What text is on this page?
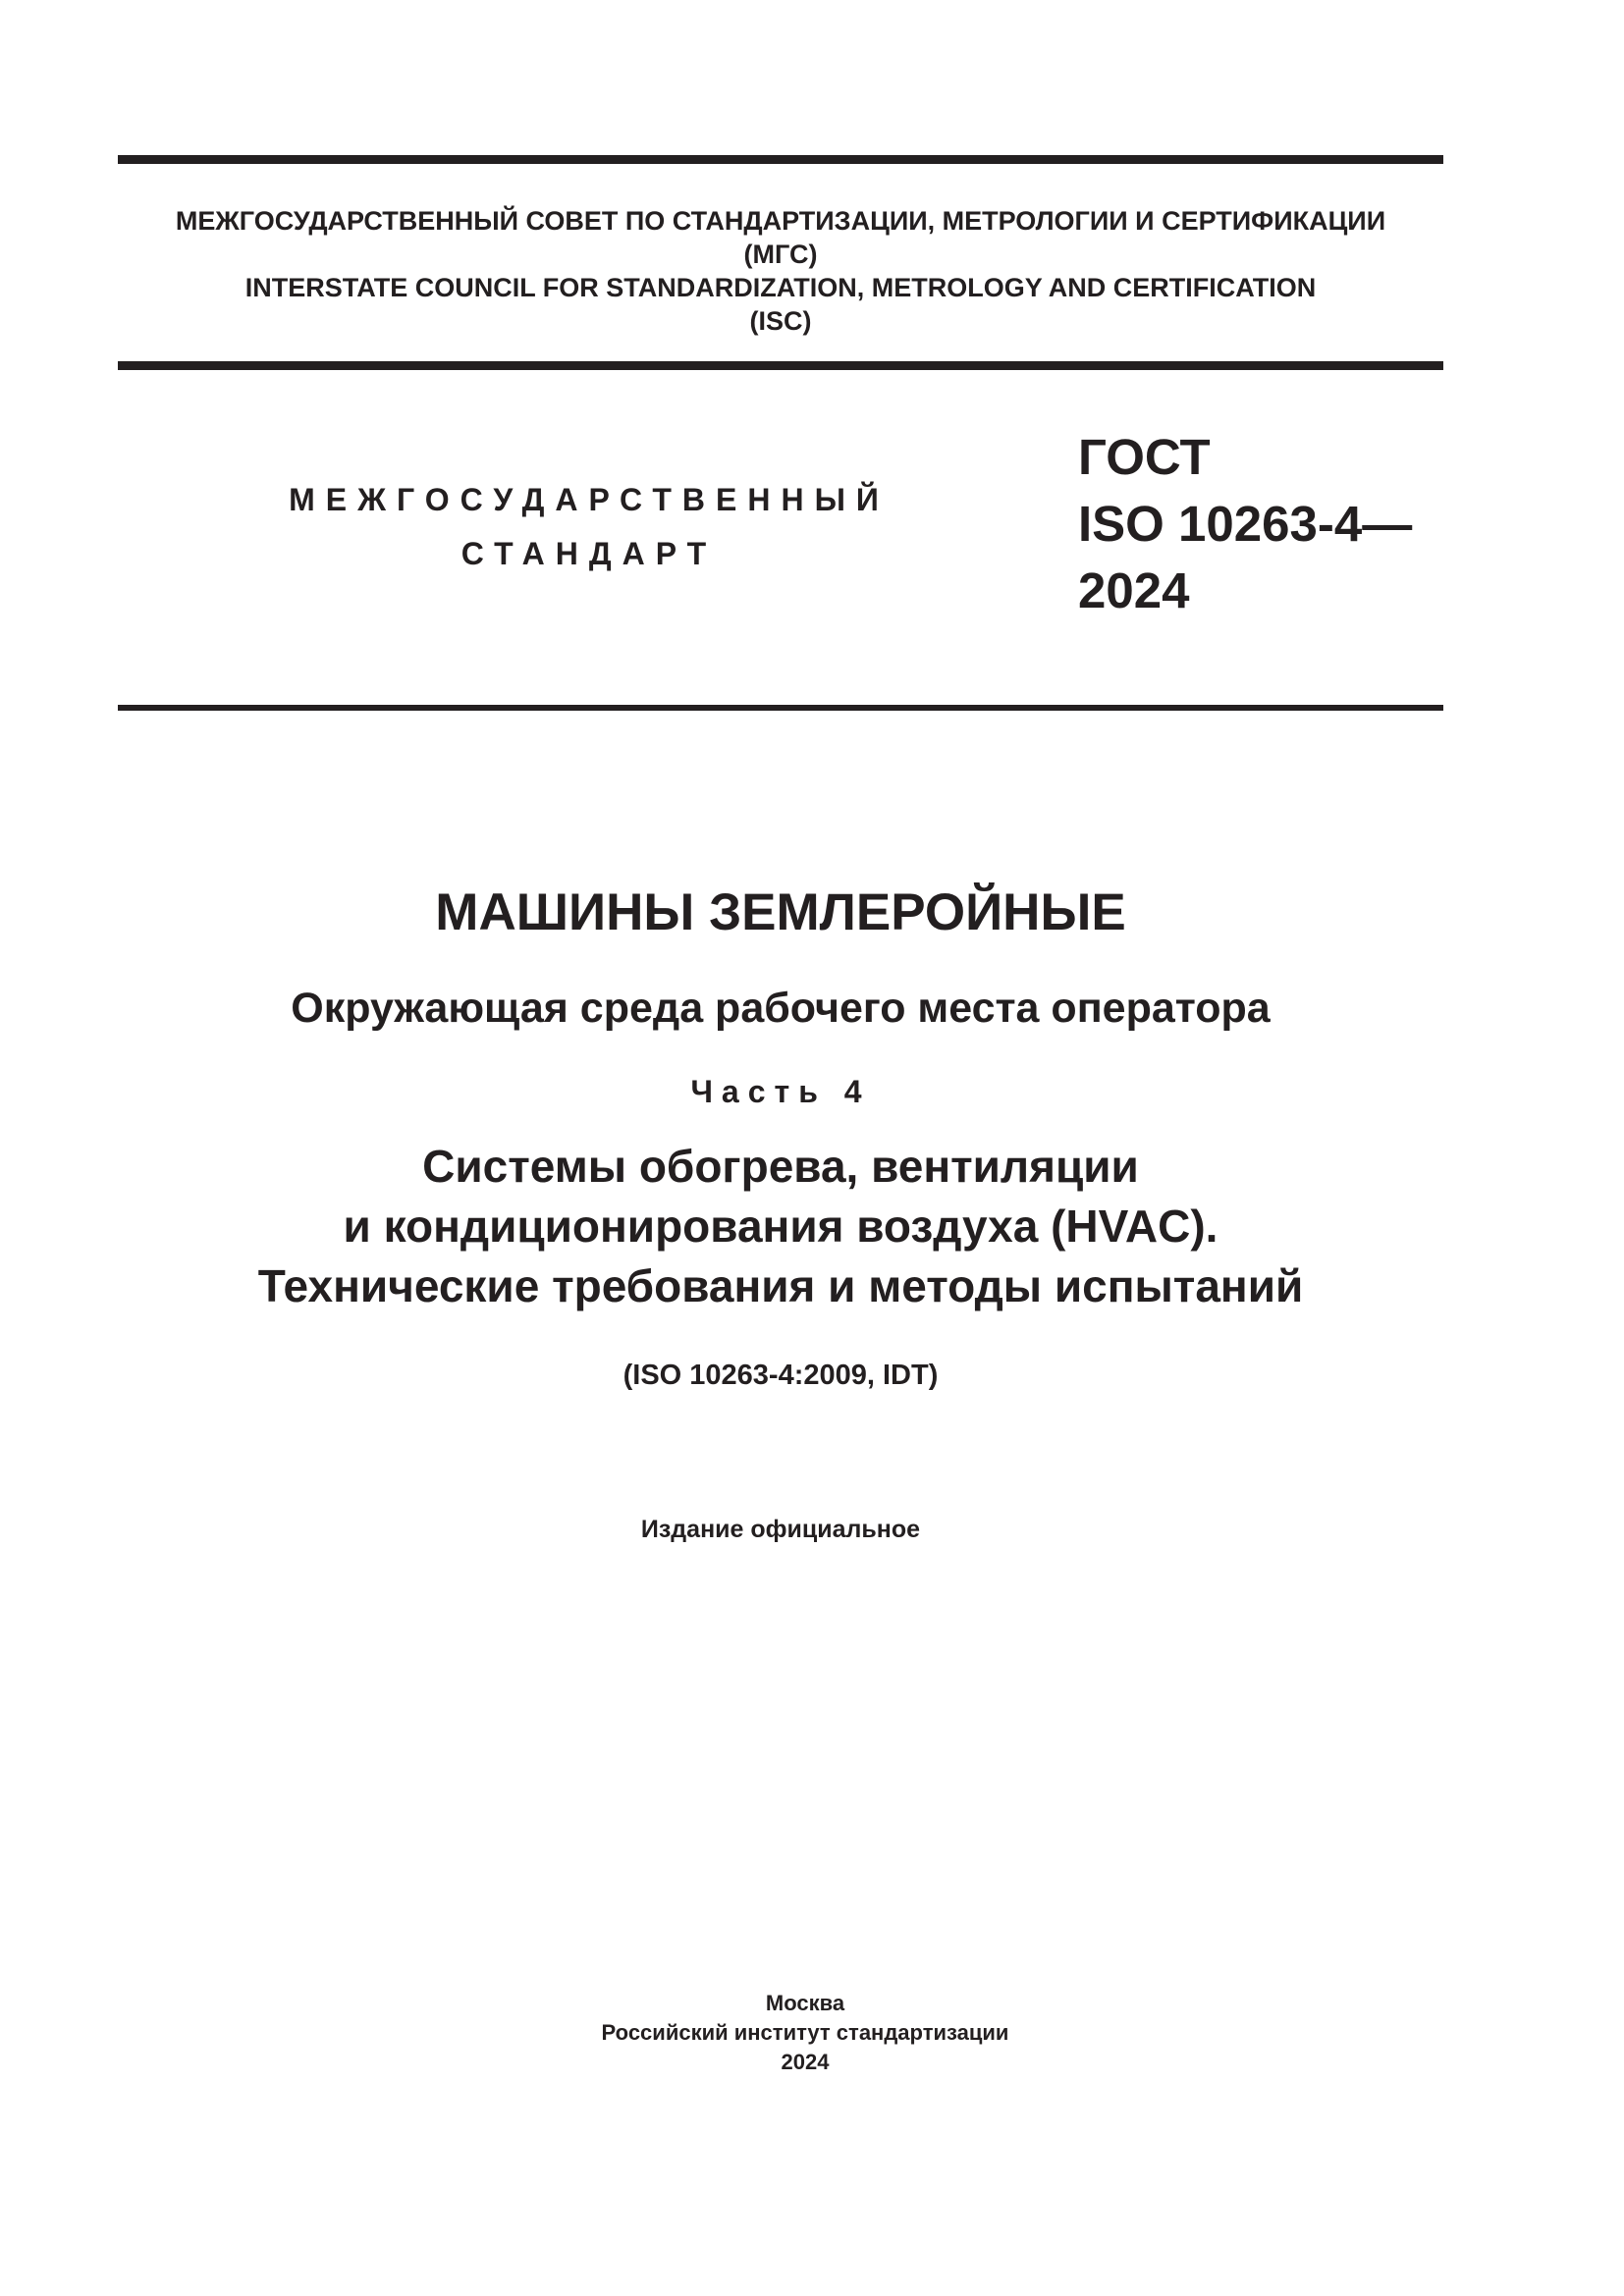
МЕЖГОСУДАРСТВЕННЫЙ СОВЕТ ПО СТАНДАРТИЗАЦИИ, МЕТРОЛОГИИ И СЕРТИФИКАЦИИ
(МГС)
INTERSTATE COUNCIL FOR STANDARDIZATION, METROLOGY AND CERTIFICATION
(ISC)
МЕЖГОСУДАРСТВЕННЫЙ
СТАНДАРТ
ГОСТ
ISO 10263-4—
2024
МАШИНЫ ЗЕМЛЕРОЙНЫЕ
Окружающая среда рабочего места оператора
Часть 4
Системы обогрева, вентиляции
и кондиционирования воздуха (HVAC).
Технические требования и методы испытаний
(ISO 10263-4:2009, IDT)
Издание официальное
Москва
Российский институт стандартизации
2024
